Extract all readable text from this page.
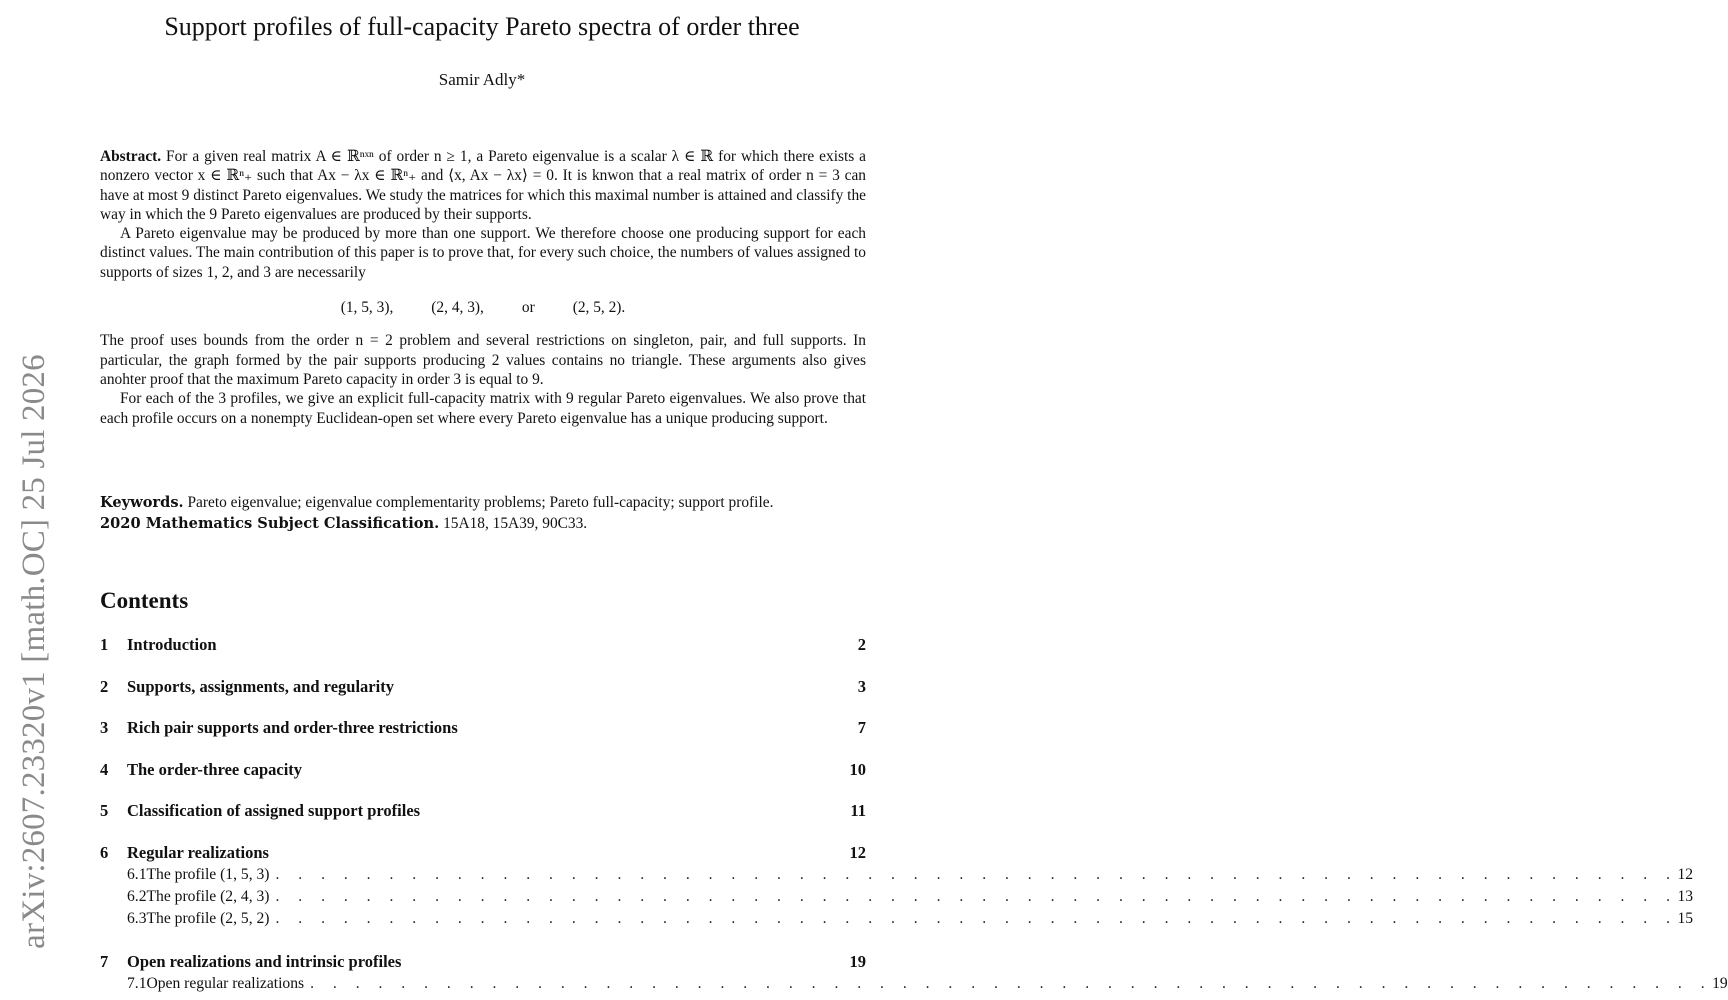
arXiv:2607.23320v1 [math.OC] 25 Jul 2026
Support profiles of full-capacity Pareto spectra of order three
Samir Adly*

Abstract. For a given real matrix A ∈ ℝⁿˣⁿ of order n ≥ 1, a Pareto eigenvalue is a scalar λ ∈ ℝ for which there exists a nonzero vector x ∈ ℝⁿ₊ such that Ax − λx ∈ ℝⁿ₊ and ⟨x, Ax − λx⟩ = 0. It is knwon that a real matrix of order n = 3 can have at most 9 distinct Pareto eigenvalues. We study the matrices for which this maximal number is attained and classify the way in which the 9 Pareto eigenvalues are produced by their supports.

A Pareto eigenvalue may be produced by more than one support. We therefore choose one producing support for each distinct values. The main contribution of this paper is to prove that, for every such choice, the numbers of values assigned to supports of sizes 1, 2, and 3 are necessarily

(1, 5, 3), (2, 4, 3), or (2, 5, 2).

The proof uses bounds from the order n = 2 problem and several restrictions on singleton, pair, and full supports. In particular, the graph formed by the pair supports producing 2 values contains no triangle. These arguments also gives anohter proof that the maximum Pareto capacity in order 3 is equal to 9.

For each of the 3 profiles, we give an explicit full-capacity matrix with 9 regular Pareto eigenvalues. We also prove that each profile occurs on a nonempty Euclidean-open set where every Pareto eigenvalue has a unique producing support.

Keywords. Pareto eigenvalue; eigenvalue complementarity problems; Pareto full-capacity; support profile.

2020 Mathematics Subject Classification. 15A18, 15A39, 90C33.

Contents
1	Introduction	2
2	Supports, assignments, and regularity	3
3	Rich pair supports and order-three restrictions	7
4	The order-three capacity	10
5	Classification of assigned support profiles	11
6	Regular realizations	12
6.1 The profile (1, 5, 3) . . . . . . . . . . . . . . . . . . . . . . . . . . . . . . . . . . . . . . . . . . . . . . . . . . . . . . . . . . . . . . 12
6.2 The profile (2, 4, 3) . . . . . . . . . . . . . . . . . . . . . . . . . . . . . . . . . . . . . . . . . . . . . . . . . . . . . . . . . . . . . . 13
6.3 The profile (2, 5, 2) . . . . . . . . . . . . . . . . . . . . . . . . . . . . . . . . . . . . . . . . . . . . . . . . . . . . . . . . . . . . . . 15
7	Open realizations and intrinsic profiles	19
7.1 Open regular realizations . . . . . . . . . . . . . . . . . . . . . . . . . . . . . . . . . . . . . . . . . . . . . . . . . . . . . . . . . . . . . . 19
